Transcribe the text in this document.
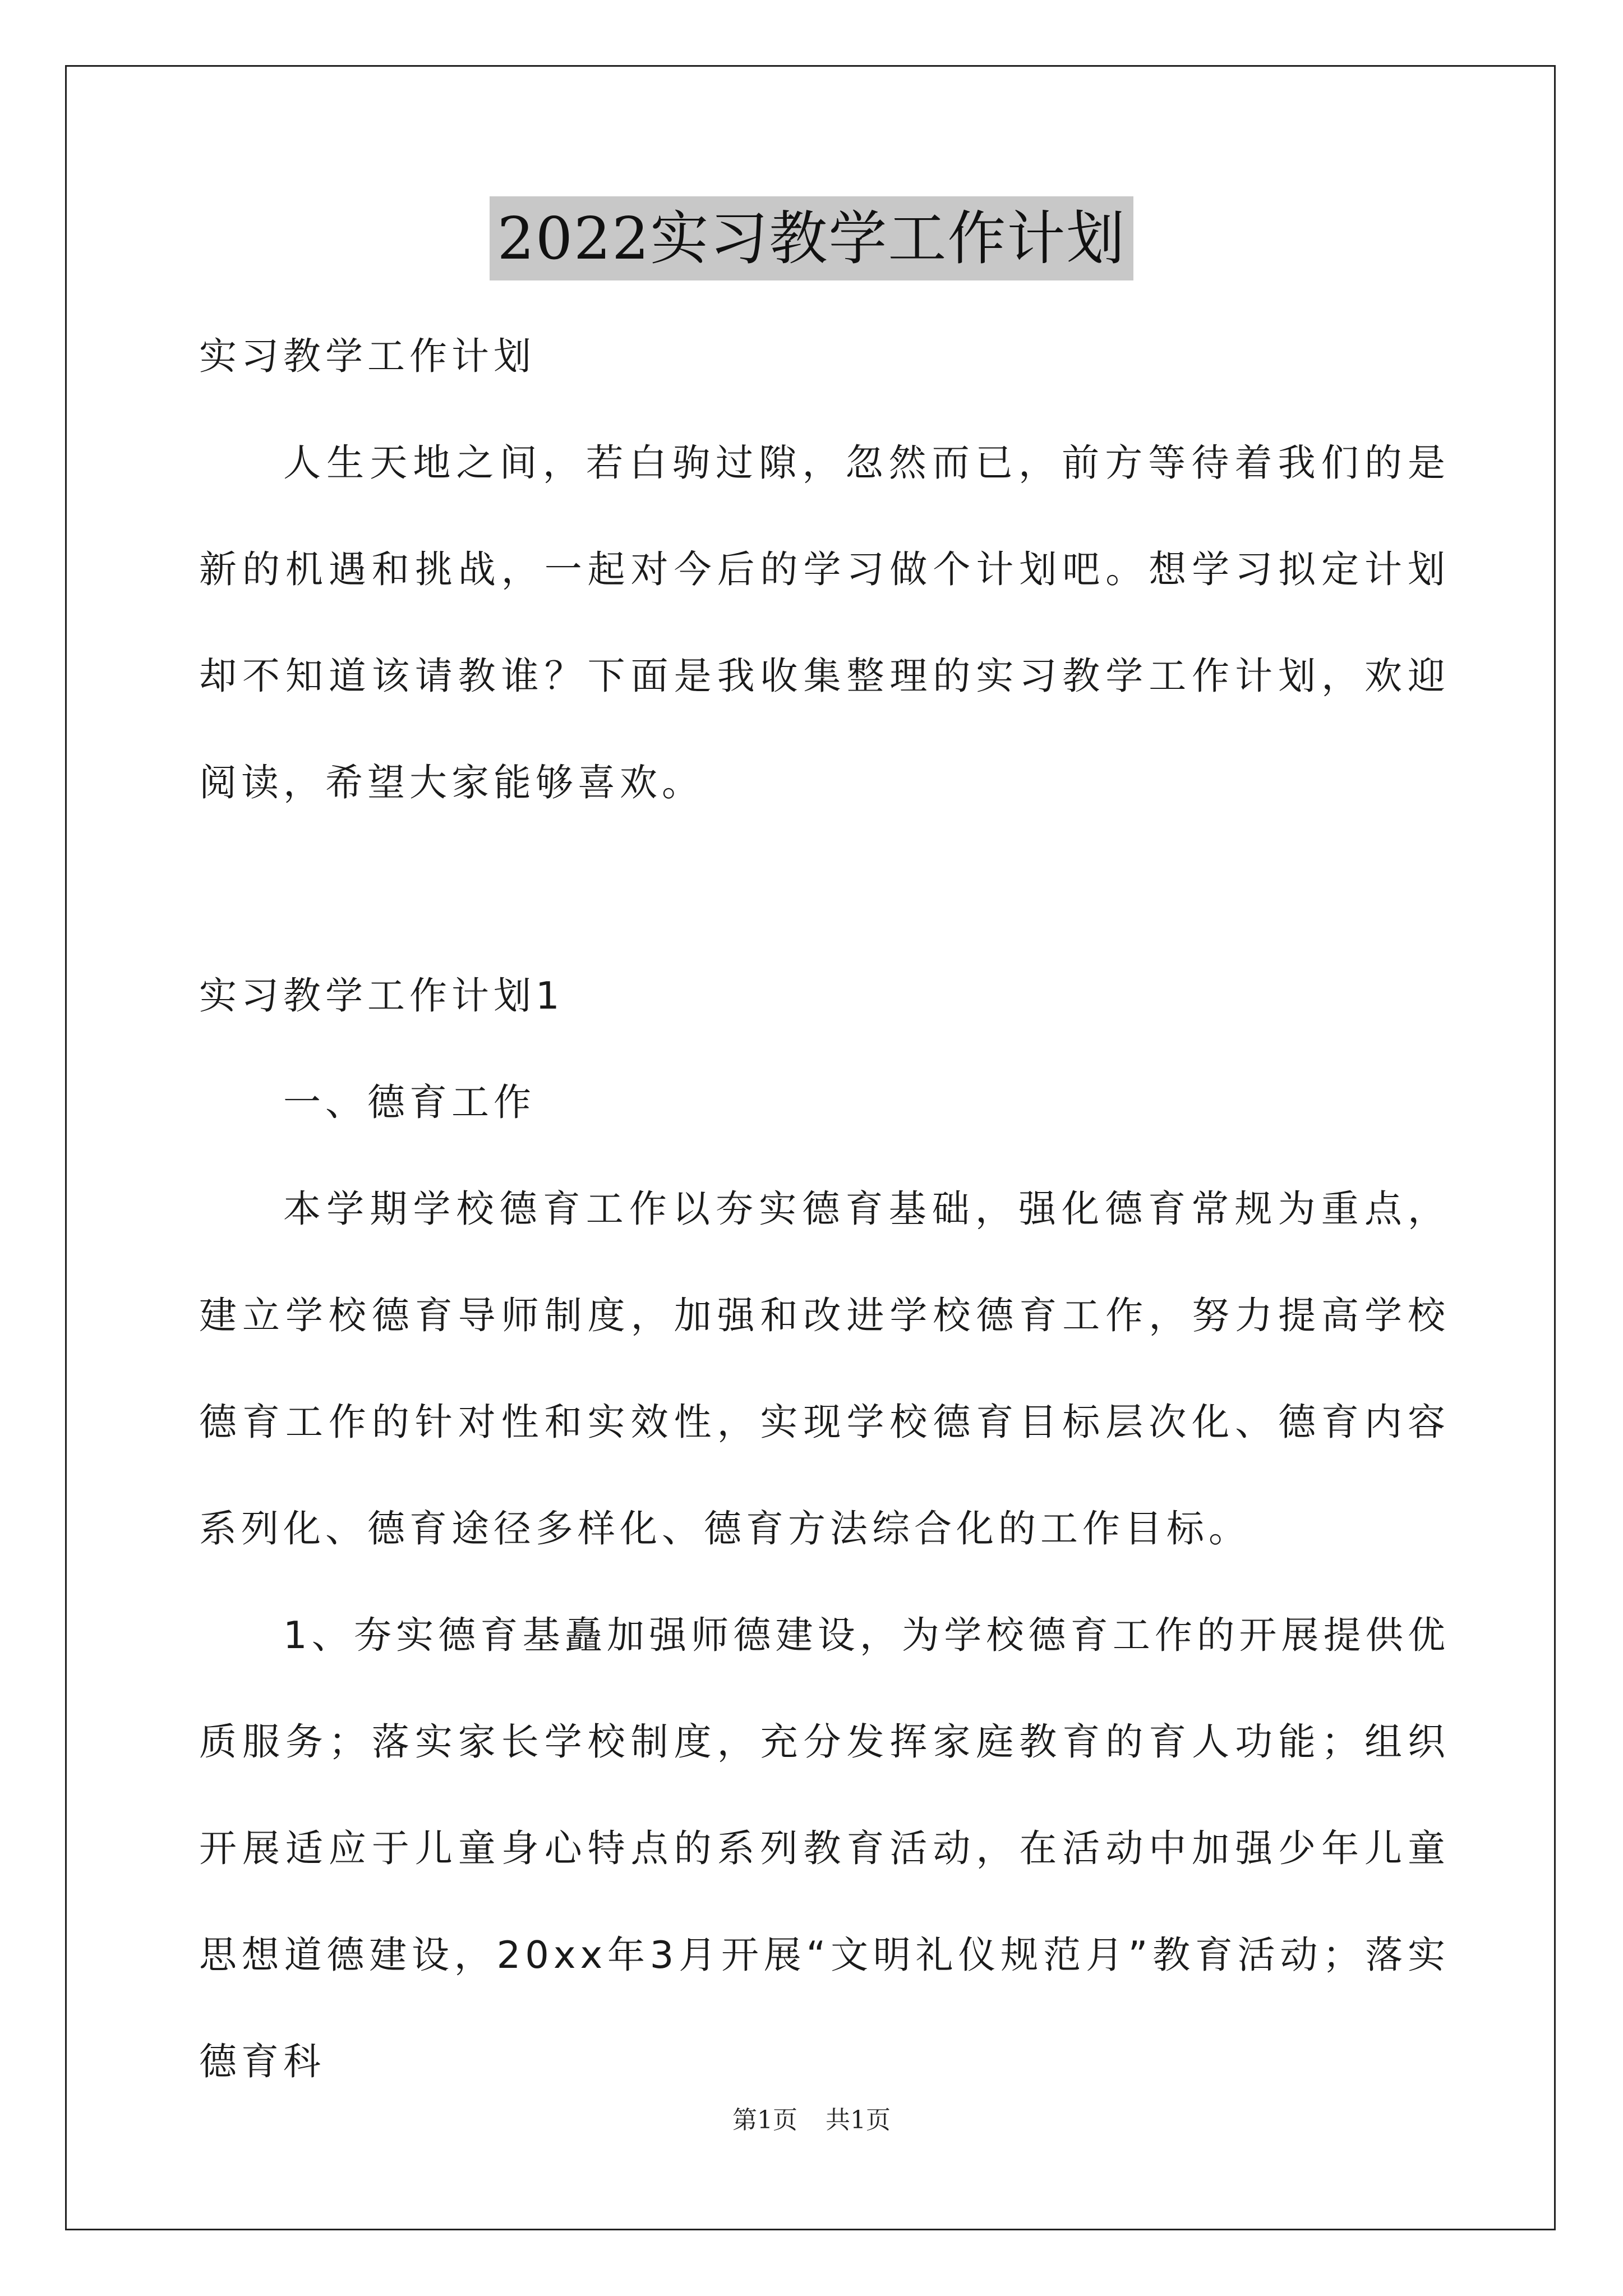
2022实习教学工作计划

实习教学工作计划

人生天地之间，若白驹过隙，忽然而已，前方等待着我们的是新的机遇和挑战，一起对今后的学习做个计划吧。想学习拟定计划却不知道该请教谁？下面是我收集整理的实习教学工作计划，欢迎阅读，希望大家能够喜欢。

实习教学工作计划1

一、德育工作

本学期学校德育工作以夯实德育基础，强化德育常规为重点，建立学校德育导师制度，加强和改进学校德育工作，努力提高学校德育工作的针对性和实效性，实现学校德育目标层次化、德育内容系列化、德育途径多样化、德育方法综合化的工作目标。

1、夯实德育基矗加强师德建设，为学校德育工作的开展提供优质服务；落实家长学校制度，充分发挥家庭教育的育人功能；组织开展适应于儿童身心特点的系列教育活动，在活动中加强少年儿童思想道德建设，20xx年3月开展“文明礼仪规范月”教育活动；落实德育科

第1页 共1页
